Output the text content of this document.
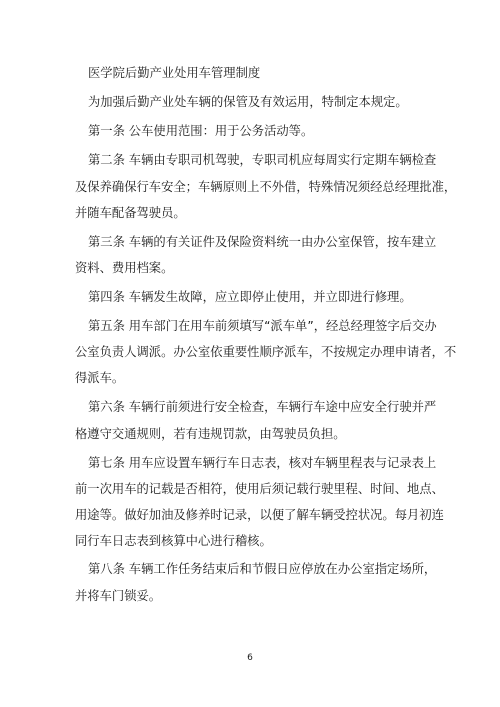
医学院后勤产业处用车管理制度

为加强后勤产业处车辆的保管及有效运用，特制定本规定。

第一条 公车使用范围：用于公务活动等。

第二条 车辆由专职司机驾驶，专职司机应每周实行定期车辆检查

及保养确保行车安全；车辆原则上不外借，特殊情况须经总经理批准，

并随车配备驾驶员。

第三条 车辆的有关证件及保险资料统一由办公室保管，按车建立

资料、费用档案。

第四条 车辆发生故障，应立即停止使用，并立即进行修理。

第五条 用车部门在用车前须填写“派车单”，经总经理签字后交办

公室负责人调派。办公室依重要性顺序派车，不按规定办理申请者，不

得派车。

第六条 车辆行前须进行安全检查，车辆行车途中应安全行驶并严

格遵守交通规则，若有违规罚款，由驾驶员负担。

第七条 用车应设置车辆行车日志表，核对车辆里程表与记录表上

前一次用车的记载是否相符，使用后须记载行驶里程、时间、地点、

用途等。做好加油及修养时记录，以便了解车辆受控状况。每月初连

同行车日志表到核算中心进行稽核。

第八条 车辆工作任务结束后和节假日应停放在办公室指定场所，

并将车门锁妥。

6
